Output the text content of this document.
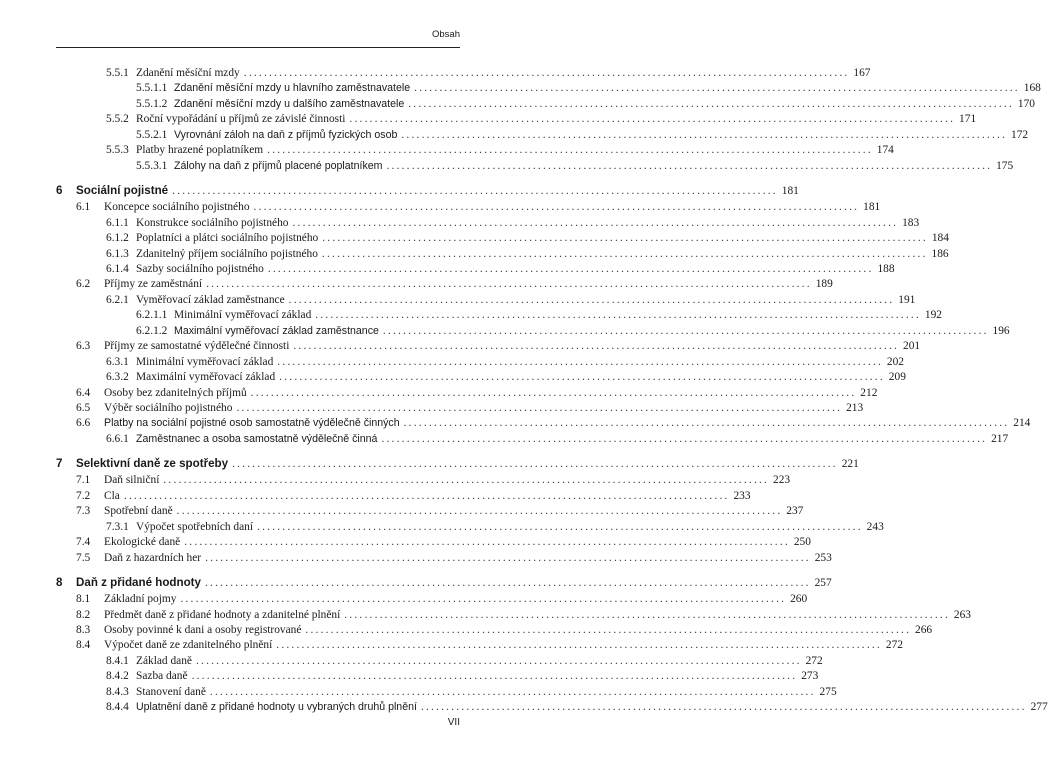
Obsah
5.5.1 Zdanění měsíční mzdy ........................................................................................................................ 167
5.5.1.1 Zdanění měsíční mzdy u hlavního zaměstnavatele ........................................................................................................................ 168
5.5.1.2 Zdanění měsíční mzdy u dalšího zaměstnavatele ........................................................................................................................ 170
5.5.2 Roční vypořádání u příjmů ze závislé činnosti ........................................................................................................................ 171
5.5.2.1 Vyrovnání záloh na daň z příjmů fyzických osob ........................................................................................................................ 172
5.5.3 Platby hrazené poplatníkem ........................................................................................................................ 174
5.5.3.1 Zálohy na daň z příjmů placené poplatníkem ........................................................................................................................ 175
6 Sociální pojistné ........................................................................................................................ 181
6.1 Koncepce sociálního pojistného ........................................................................................................................ 181
6.1.1 Konstrukce sociálního pojistného ........................................................................................................................ 183
6.1.2 Poplatníci a plátci sociálního pojistného ........................................................................................................................ 184
6.1.3 Zdanitelný příjem sociálního pojistného ........................................................................................................................ 186
6.1.4 Sazby sociálního pojistného ........................................................................................................................ 188
6.2 Příjmy ze zaměstnání ........................................................................................................................ 189
6.2.1 Vyměřovací základ zaměstnance ........................................................................................................................ 191
6.2.1.1 Minimální vyměřovací základ ........................................................................................................................ 192
6.2.1.2 Maximální vyměřovací základ zaměstnance ........................................................................................................................ 196
6.3 Příjmy ze samostatné výdělečné činnosti ........................................................................................................................ 201
6.3.1 Minimální vyměřovací základ ........................................................................................................................ 202
6.3.2 Maximální vyměřovací základ ........................................................................................................................ 209
6.4 Osoby bez zdanitelných příjmů ........................................................................................................................ 212
6.5 Výběr sociálního pojistného ........................................................................................................................ 213
6.6 Platby na sociální pojistné osob samostatně výdělečně činných ........................................................................................................................ 214
6.6.1 Zaměstnanec a osoba samostatně výdělečně činná ........................................................................................................................ 217
7 Selektivní daně ze spotřeby ........................................................................................................................ 221
7.1 Daň silniční ........................................................................................................................ 223
7.2 Cla ........................................................................................................................ 233
7.3 Spotřební daně ........................................................................................................................ 237
7.3.1 Výpočet spotřebních daní ........................................................................................................................ 243
7.4 Ekologické daně ........................................................................................................................ 250
7.5 Daň z hazardních her ........................................................................................................................ 253
8 Daň z přidané hodnoty ........................................................................................................................ 257
8.1 Základní pojmy ........................................................................................................................ 260
8.2 Předmět daně z přidané hodnoty a zdanitelné plnění ........................................................................................................................ 263
8.3 Osoby povinné k dani a osoby registrované ........................................................................................................................ 266
8.4 Výpočet daně ze zdanitelného plnění ........................................................................................................................ 272
8.4.1 Základ daně ........................................................................................................................ 272
8.4.2 Sazba daně ........................................................................................................................ 273
8.4.3 Stanovení daně ........................................................................................................................ 275
8.4.4 Uplatnění daně z přidané hodnoty u vybraných druhů plnění ........................................................................................................................ 277
VII
